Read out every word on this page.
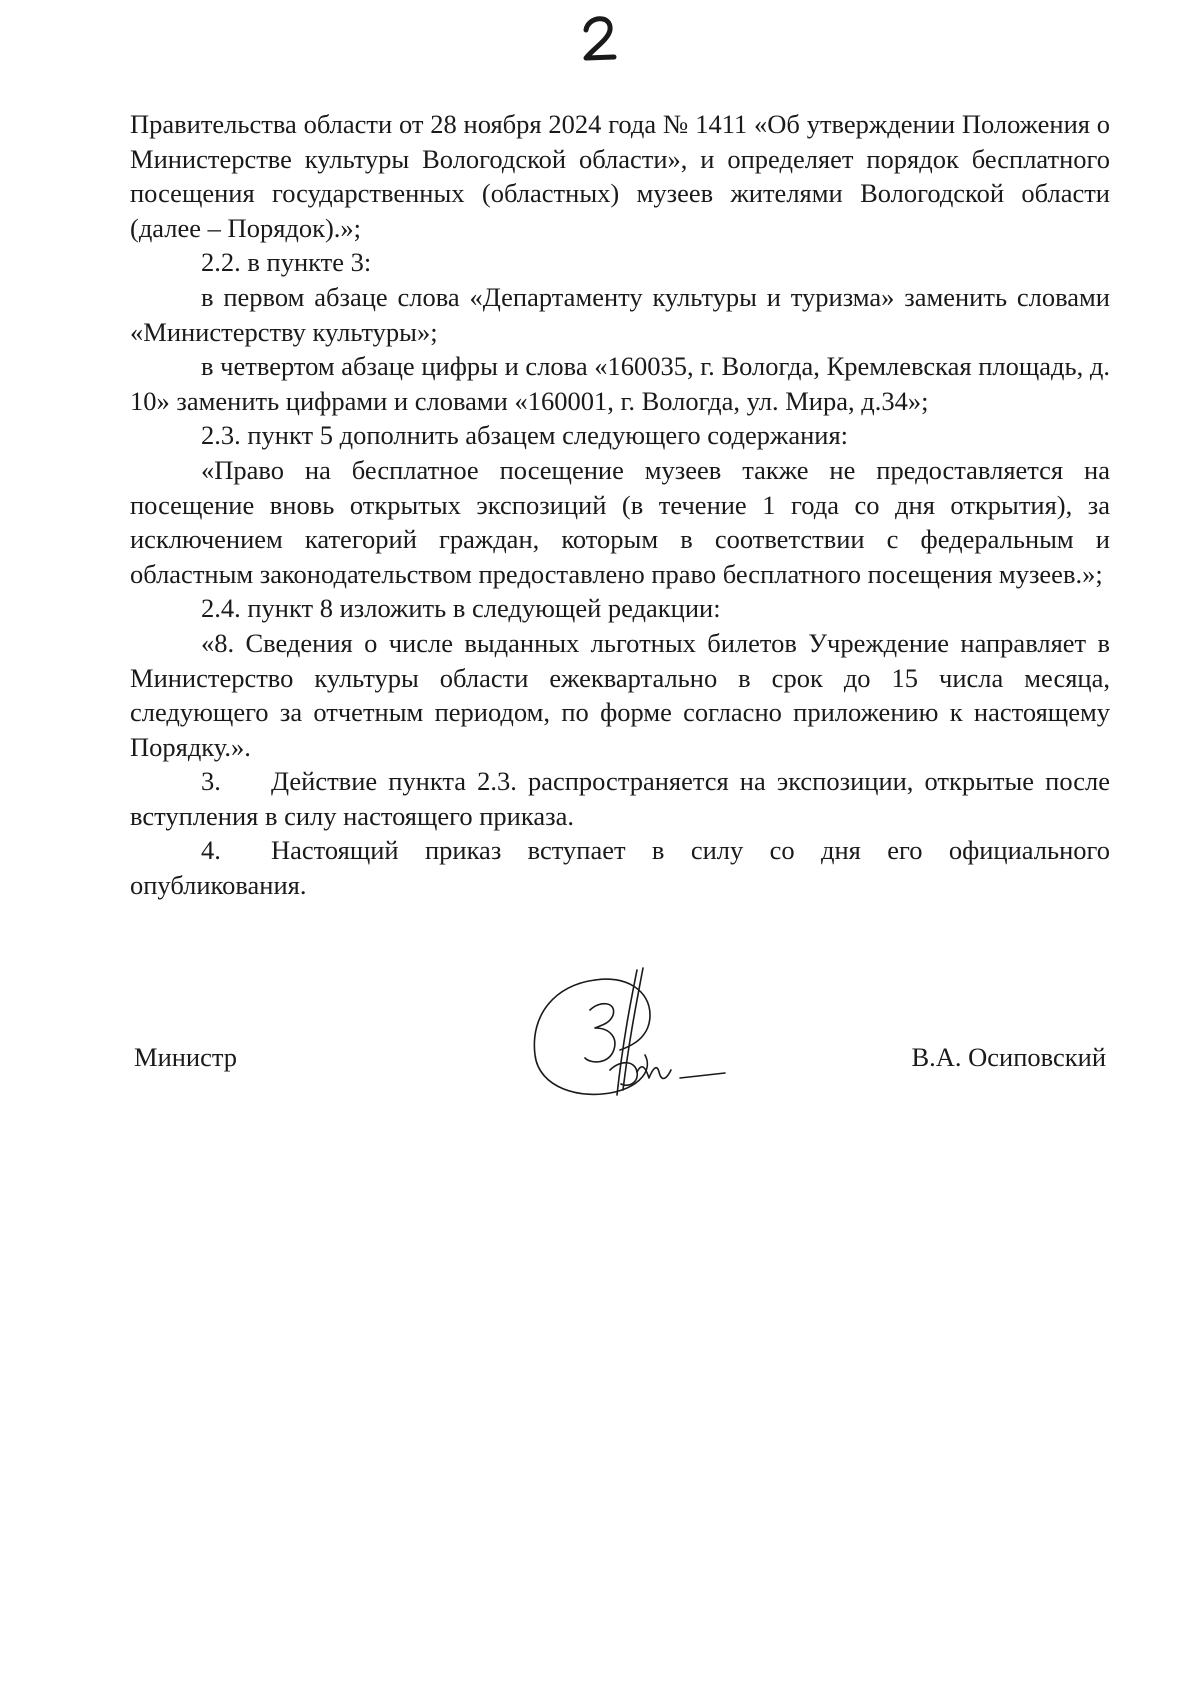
Правительства области от 28 ноября 2024 года № 1411 «Об утверждении Положения о Министерстве культуры Вологодской области», и определяет порядок бесплатного посещения государственных (областных) музеев жителями Вологодской области (далее – Порядок).»;

2.2. в пункте 3:

в первом абзаце слова «Департаменту культуры и туризма» заменить словами «Министерству культуры»;

в четвертом абзаце цифры и слова «160035, г. Вологда, Кремлевская площадь, д. 10» заменить цифрами и словами «160001, г. Вологда, ул. Мира, д.34»;

2.3. пункт 5 дополнить абзацем следующего содержания:

«Право на бесплатное посещение музеев также не предоставляется на посещение вновь открытых экспозиций (в течение 1 года со дня открытия), за исключением категорий граждан, которым в соответствии с федеральным и областным законодательством предоставлено право бесплатного посещения музеев.»;

2.4. пункт 8 изложить в следующей редакции:

«8. Сведения о числе выданных льготных билетов Учреждение направляет в Министерство культуры области ежеквартально в срок до 15 числа месяца, следующего за отчетным периодом, по форме согласно приложению к настоящему Порядку.».

3. Действие пункта 2.3. распространяется на экспозиции, открытые после вступления в силу настоящего приказа.

4. Настоящий приказ вступает в силу со дня его официального опубликования.

Министр	В.А. Осиповский
